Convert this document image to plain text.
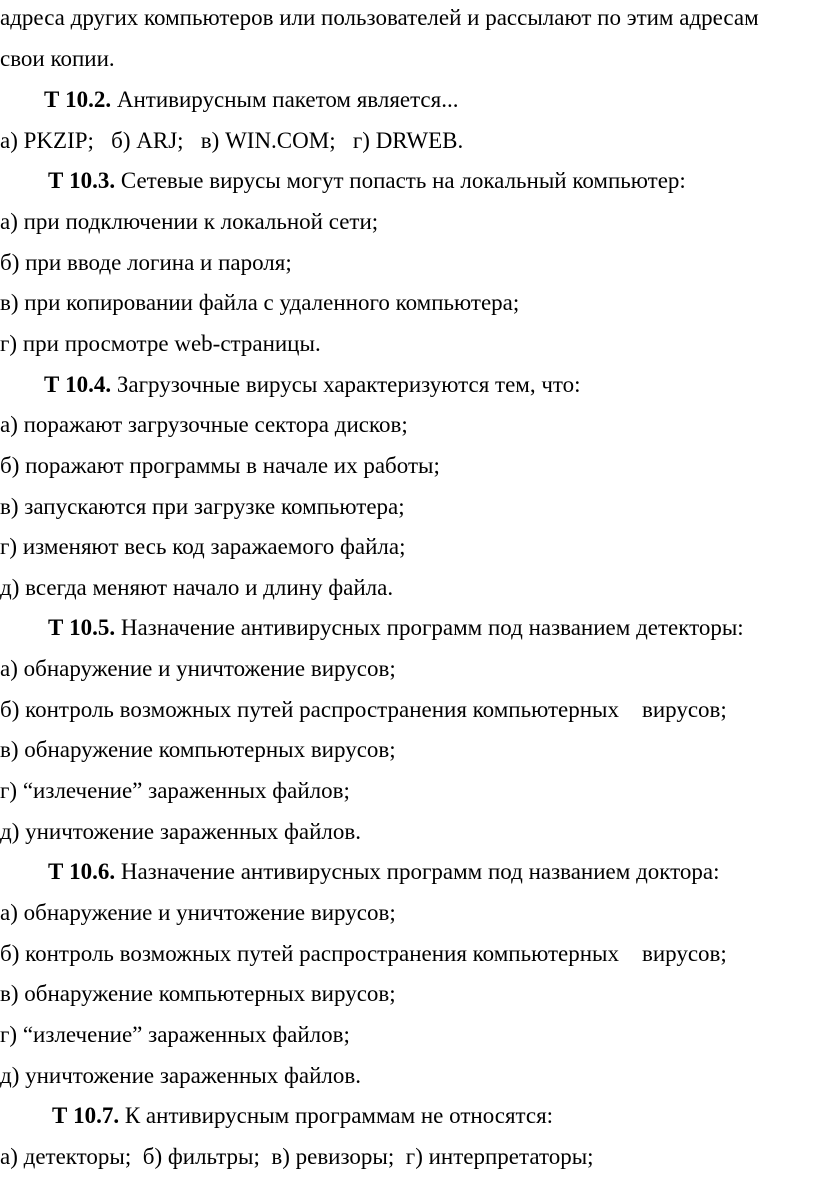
адреса других компьютеров или пользователей и рассылают по этим адресам
свои копии.
Т 10.2. Антивирусным пакетом является...
а) PKZIP;   б) ARJ;   в) WIN.COM;   г) DRWEB.
Т 10.3. Сетевые вирусы могут попасть на локальный компьютер:
а) при подключении к локальной сети;
б) при вводе логина и пароля;
в) при копировании файла с удаленного компьютера;
г) при просмотре web-страницы.
Т 10.4. Загрузочные вирусы характеризуются тем, что:
а) поражают загрузочные сектора дисков;
б) поражают программы в начале их работы;
в) запускаются при загрузке компьютера;
г) изменяют весь код заражаемого файла;
д) всегда меняют начало и длину файла.
Т 10.5. Назначение антивирусных программ под названием детекторы:
а) обнаружение и уничтожение вирусов;
б) контроль возможных путей распространения компьютерных    вирусов;
в) обнаружение компьютерных вирусов;
г) “излечение” зараженных файлов;
д) уничтожение зараженных файлов.
Т 10.6. Назначение антивирусных программ под названием доктора:
а) обнаружение и уничтожение вирусов;
б) контроль возможных путей распространения компьютерных    вирусов;
в) обнаружение компьютерных вирусов;
г) “излечение” зараженных файлов;
д) уничтожение зараженных файлов.
Т 10.7. К антивирусным программам не относятся:
а) детекторы;  б) фильтры;  в) ревизоры;  г) интерпретаторы;
